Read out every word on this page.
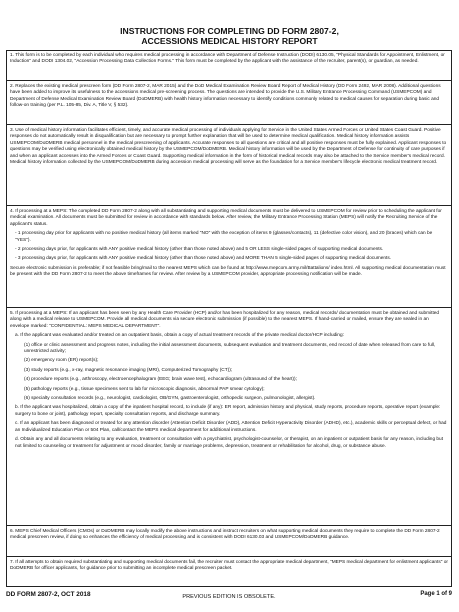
INSTRUCTIONS FOR COMPLETING DD FORM 2807-2,
ACCESSIONS MEDICAL HISTORY REPORT

1. This form is to be completed by each individual who requires medical processing in accordance with Department of Defense Instruction (DODI) 6130.05, "Physical Standards for Appointment, Enlistment, or Induction" and DODI 1304.02, "Accession Processing Data Collection Forms." This form must be completed by the applicant with the assistance of the recruiter, parent(s), or guardian, as needed.

2. Replaces the existing medical prescreen form (DD Form 2807-2, MAR 2015) and the DoD Medical Examination Review Board Report of Medical History (DD Form 2492, MAR 2008). Additional questions have been added to improve its usefulness to the accessions medical pre-screening process. The questions are intended to provide the U.S. Military Entrance Processing Command (USMEPCOM) and Department of Defense Medical Examination Review Board (DoDMERB) with health history information necessary to identify conditions commonly related to medical causes for separation during basic and follow-on training (per P.L. 105-85, Div. A, Title V, § 532).

3. Use of medical history information facilitates efficient, timely, and accurate medical processing of individuals applying for Service in the United States Armed Forces or United States Coast Guard. Positive responses do not automatically result in disqualification but are necessary to prompt further explanation that will be used to determine medical qualification. Medical history information assists USMEPCOM/DoDMERB medical personnel in the medical prescreening of applicants. Accurate responses to all questions are critical and all positive responses must be fully explained. Applicant responses to questions may be verified using electronically obtained medical history by the USMEPCOM/DoDMERB. Medical history information will be used by the Department of Defense for continuity of care purposes if and when an applicant accesses into the Armed Forces or Coast Guard. Supporting medical information in the form of historical medical records may also be attached to the Service member's medical record. Medical history information collected by the USMEPCOM/DoDMERB during accession medical processing will serve as the foundation for a Service member's lifecycle electronic medical treatment record.

4. If processing at a MEPS: The completed DD Form 2807-2 along with all substantiating and supporting medical documents must be delivered to USMEPCOM for review prior to scheduling the applicant for medical examination. All documents must be submitted for review in accordance with standards below. After review, the Military Entrance Processing Station (MEPS) will notify the Recruiting Service of the applicant's status.

- 1 processing day prior for applicants with no positive medical history (all items marked "NO" with the exception of items 9 (glasses/contacts), 11 (defective color vision), and 20 (braces) which can be "YES").

- 2 processing days prior, for applicants with ANY positive medical history (other than those noted above) and 5 OR LESS single-sided pages of supporting medical documents.

- 3 processing days prior, for applicants with ANY positive medical history (other than those noted above) and MORE THAN 5 single-sided pages of supporting medical documents.

Secure electronic submission is preferable; if not feasible bring/mail to the nearest MEPS which can be found at http://www.mepcom.army.mil/Battalions/ index.html. All supporting medical documentation must be present with the DD Form 2807-2 to meet the above timeframes for review. After review by a USMEPCOM provider, appropriate processing notification will be made.

5. If processing at a MEPS: If an applicant has been seen by any Health Care Provider (HCP) and/or has been hospitalized for any reason, medical records/ documentation must be obtained and submitted along with a medical release to USMEPCOM. Provide all medical documents via secure electronic submission (if possible) to the nearest MEPS. If hand-carried or mailed, ensure they are sealed in an envelope marked: "CONFIDENTIAL: MEPS MEDICAL DEPARTMENT".

a. If the applicant was evaluated and/or treated on an outpatient basis, obtain a copy of actual treatment records of the private medical doctor/HCP including:

(1) office or clinic assessment and progress notes, including the initial assessment documents, subsequent evaluation and treatment documents, end record of date when released from care to full, unrestricted activity;

(2) emergency room (ER) report(s);

(3) study reports (e.g., x-ray, magnetic resonance imaging (MRI), Computerized Tomography (CT));

(4) procedure reports (e.g., arthroscopy, electroencephalogram (EEG; brain wave test), echocardiogram (ultrasound of the heart));

(5) pathology reports (e.g., tissue specimens sent to lab for microscopic diagnosis, abnormal PAP smear cytology);

(6) specialty consultation records (e.g., neurologist, cardiologist, OB/GYN, gastroenterologist, orthopedic surgeon, pulmonologist, allergist).

b. If the applicant was hospitalized, obtain a copy of the inpatient hospital record, to include (if any): ER report, admission history and physical, study reports, procedure reports, operative report (example: surgery to bone or joint), pathology report, specialty consultation reports, and discharge summary.

c. If an applicant has been diagnosed or treated for any attention disorder (Attention Deficit Disorder (ADD), Attention Deficit Hyperactivity Disorder (ADHD), etc.), academic skills or perceptual defect, or had an Individualized Education Plan or 504 Plan, call/contact the MEPS medical department for additional instructions.

d. Obtain any and all documents relating to any evaluation, treatment or consultation with a psychiatrist, psychologist-counselor, or therapist, on an inpatient or outpatient basis for any reason, including but not limited to counseling or treatment for adjustment or mood disorder, family or marriage problems, depression, treatment or rehabilitation for alcohol, drug, or substance abuse.

6. MEPS Chief Medical Officers (CMOs) or DoDMERB may locally modify the above instructions and instruct recruiters on what supporting medical documents they require to complete the DD Form 2807-2 medical prescreen review, if doing so enhances the efficiency of medical processing and is consistent with DODI 6130.03 and USMEPCOM/DoDMERB guidance.

7. If all attempts to obtain required substantiating and supporting medical documents fail, the recruiter must contact the appropriate medical department, "MEPS medical department for enlistment applicants" or DoDMERB for officer applicants, for guidance prior to submitting an incomplete medical prescreen packet.

DD FORM 2807-2, OCT 2018	PREVIOUS EDITION IS OBSOLETE.	Page 1 of 9
